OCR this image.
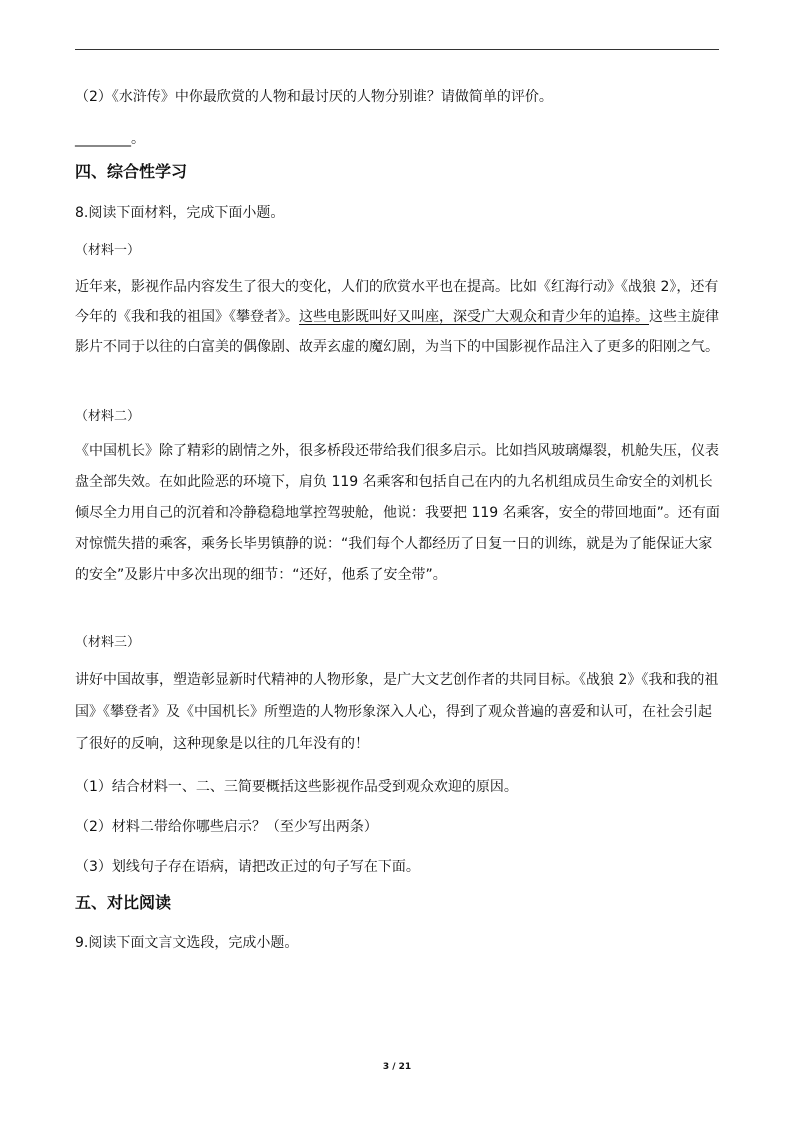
（2）《水浒传》中你最欣赏的人物和最讨厌的人物分别谁？请做简单的评价。
________。
四、综合性学习
8.阅读下面材料，完成下面小题。
（材料一）
近年来，影视作品内容发生了很大的变化，人们的欣赏水平也在提高。比如《红海行动》《战狼 2》，还有今年的《我和我的祖国》《攀登者》。这些电影既叫好又叫座，深受广大观众和青少年的追捧。这些主旋律影片不同于以往的白富美的偶像剧、故弄玄虚的魔幻剧，为当下的中国影视作品注入了更多的阳刚之气。
（材料二）
《中国机长》除了精彩的剧情之外，很多桥段还带给我们很多启示。比如挡风玻璃爆裂，机舱失压，仪表盘全部失效。在如此险恶的环境下，肩负 119 名乘客和包括自己在内的九名机组成员生命安全的刘机长倾尽全力用自己的沉着和冷静稳稳地掌控驾驶舱，他说：我要把 119 名乘客，安全的带回地面”。还有面对惊慌失措的乘客，乘务长毕男镇静的说：“我们每个人都经历了日复一日的训练，就是为了能保证大家的安全”及影片中多次出现的细节：“还好，他系了安全带”。
（材料三）
讲好中国故事，塑造彰显新时代精神的人物形象，是广大文艺创作者的共同目标。《战狼 2》《我和我的祖国》《攀登者》及《中国机长》所塑造的人物形象深入人心，得到了观众普遍的喜爱和认可，在社会引起了很好的反响，这种现象是以往的几年没有的！
（1）结合材料一、二、三简要概括这些影视作品受到观众欢迎的原因。
（2）材料二带给你哪些启示？（至少写出两条）
（3）划线句子存在语病，请把改正过的句子写在下面。
五、对比阅读
9.阅读下面文言文选段，完成小题。
3 / 21
